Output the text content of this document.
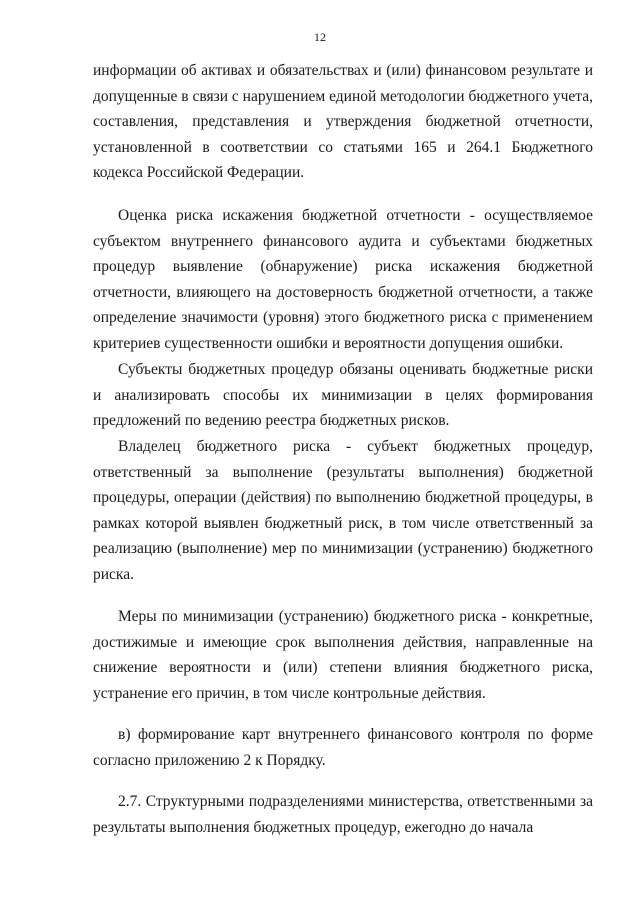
12

информации об активах и обязательствах и (или) финансовом результате и допущенные в связи с нарушением единой методологии бюджетного учета, составления, представления и утверждения бюджетной отчетности, установленной в соответствии со статьями 165 и 264.1 Бюджетного кодекса Российской Федерации.

Оценка риска искажения бюджетной отчетности - осуществляемое субъектом внутреннего финансового аудита и субъектами бюджетных процедур выявление (обнаружение) риска искажения бюджетной отчетности, влияющего на достоверность бюджетной отчетности, а также определение значимости (уровня) этого бюджетного риска с применением критериев существенности ошибки и вероятности допущения ошибки.

Субъекты бюджетных процедур обязаны оценивать бюджетные риски и анализировать способы их минимизации в целях формирования предложений по ведению реестра бюджетных рисков.

Владелец бюджетного риска - субъект бюджетных процедур, ответственный за выполнение (результаты выполнения) бюджетной процедуры, операции (действия) по выполнению бюджетной процедуры, в рамках которой выявлен бюджетный риск, в том числе ответственный за реализацию (выполнение) мер по минимизации (устранению) бюджетного риска.

Меры по минимизации (устранению) бюджетного риска - конкретные, достижимые и имеющие срок выполнения действия, направленные на снижение вероятности и (или) степени влияния бюджетного риска, устранение его причин, в том числе контрольные действия.

в) формирование карт внутреннего финансового контроля по форме согласно приложению 2 к Порядку.

2.7. Структурными подразделениями министерства, ответственными за результаты выполнения бюджетных процедур, ежегодно до начала
